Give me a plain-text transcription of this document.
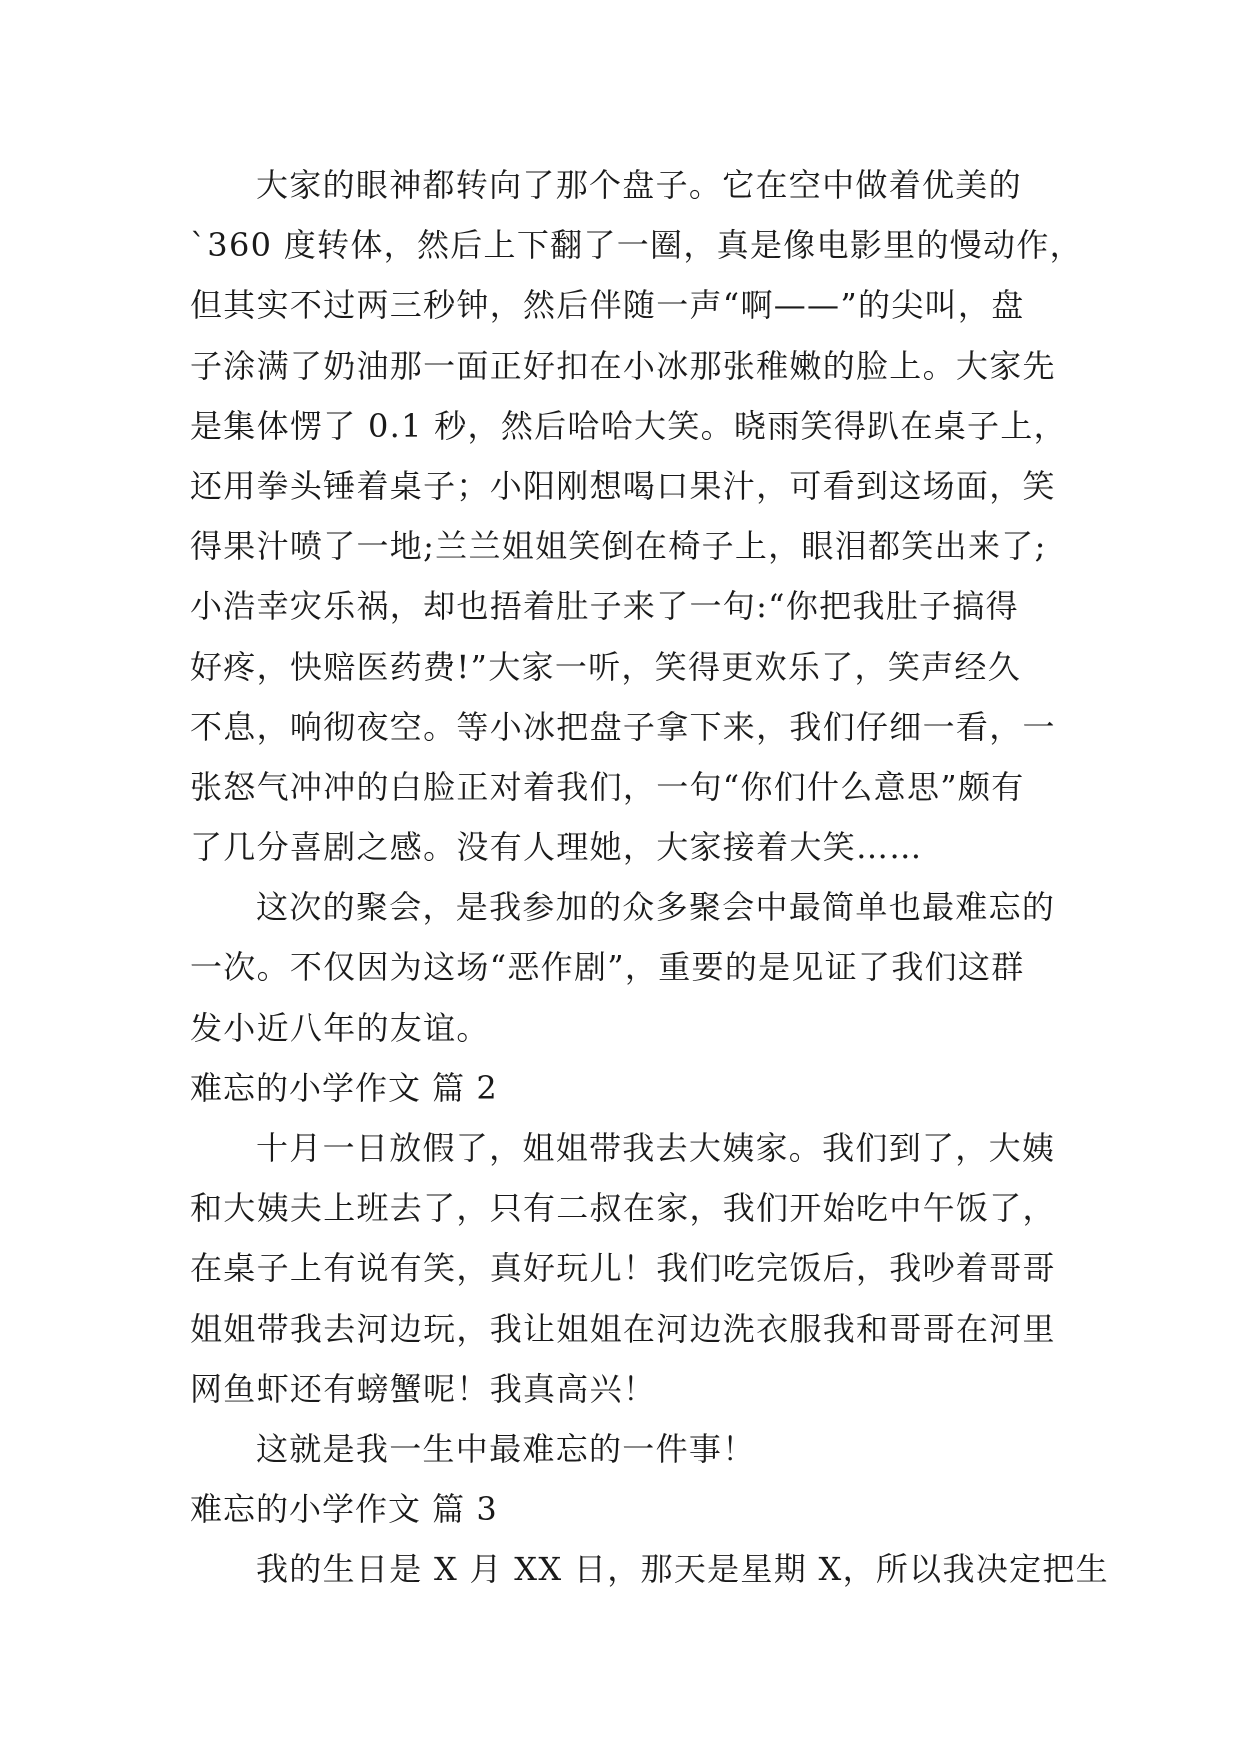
大家的眼神都转向了那个盘子。它在空中做着优美的
`360 度转体，然后上下翻了一圈，真是像电影里的慢动作，
但其实不过两三秒钟，然后伴随一声“啊——”的尖叫，盘
子涂满了奶油那一面正好扣在小冰那张稚嫩的脸上。大家先
是集体愣了 0.1 秒，然后哈哈大笑。晓雨笑得趴在桌子上，
还用拳头锤着桌子；小阳刚想喝口果汁，可看到这场面，笑
得果汁喷了一地;兰兰姐姐笑倒在椅子上，眼泪都笑出来了;
小浩幸灾乐祸，却也捂着肚子来了一句:“你把我肚子搞得
好疼，快赔医药费!”大家一听，笑得更欢乐了，笑声经久
不息，响彻夜空。等小冰把盘子拿下来，我们仔细一看，一
张怒气冲冲的白脸正对着我们，一句“你们什么意思”颇有
了几分喜剧之感。没有人理她，大家接着大笑……
这次的聚会，是我参加的众多聚会中最简单也最难忘的
一次。不仅因为这场“恶作剧”，重要的是见证了我们这群
发小近八年的友谊。
难忘的小学作文 篇 2
十月一日放假了，姐姐带我去大姨家。我们到了，大姨
和大姨夫上班去了，只有二叔在家，我们开始吃中午饭了，
在桌子上有说有笑，真好玩儿！我们吃完饭后，我吵着哥哥
姐姐带我去河边玩，我让姐姐在河边洗衣服我和哥哥在河里
网鱼虾还有螃蟹呢！我真高兴！
这就是我一生中最难忘的一件事！
难忘的小学作文 篇 3
我的生日是 X 月 XX 日，那天是星期 X，所以我决定把生
